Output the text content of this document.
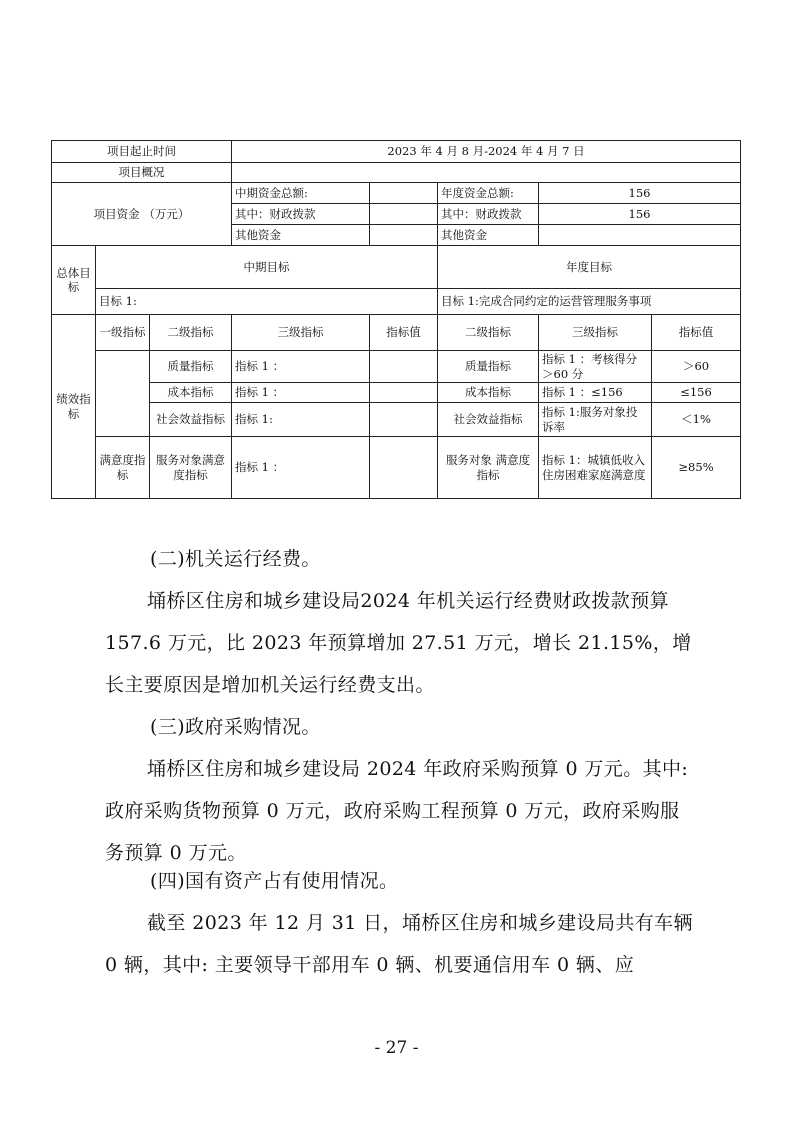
项目起止时间			2023 年 4 月 8 月-2024 年 4 月 7 日				
项目概况							
项目资金 （万元）			中期资金总额:		年度资金总额:	156	
			其中：财政拨款		其中：财政拨款	156	
			其他资金		其他资金		
总体目标	中期目标				年度目标		
	目标 1:				目标 1:完成合同约定的运营管理服务事项		
绩效指标	一级指标	二级指标	三级指标	指标值	二级指标	三级指标	指标值
		质量指标	指标 1 ：		质量指标	指标 1 ：考核得分＞60 分	＞60
		成本指标	指标 1 ：		成本指标	指标 1 ：≤156	≤156
		社会效益指标	指标 1:		社会效益指标	指标 1:服务对象投诉率	＜1%
	满意度指标	服务对象满意度指标	指标 1 ：		服务对象 满意度指标	指标 1：城镇低收入住房困难家庭满意度	≥85%
(二)机关运行经费。
埇桥区住房和城乡建设局2024 年机关运行经费财政拨款预算 157.6 万元，比 2023 年预算增加 27.51 万元，增长 21.15%，增长主要原因是增加机关运行经费支出。
(三)政府采购情况。
埇桥区住房和城乡建设局 2024 年政府采购预算 0 万元。其中: 政府采购货物预算 0 万元，政府采购工程预算 0 万元，政府采购服务预算 0 万元。
(四)国有资产占有使用情况。
截至 2023 年 12 月 31 日，埇桥区住房和城乡建设局共有车辆 0 辆，其中: 主要领导干部用车 0 辆、机要通信用车 0 辆、应
- 27 -
